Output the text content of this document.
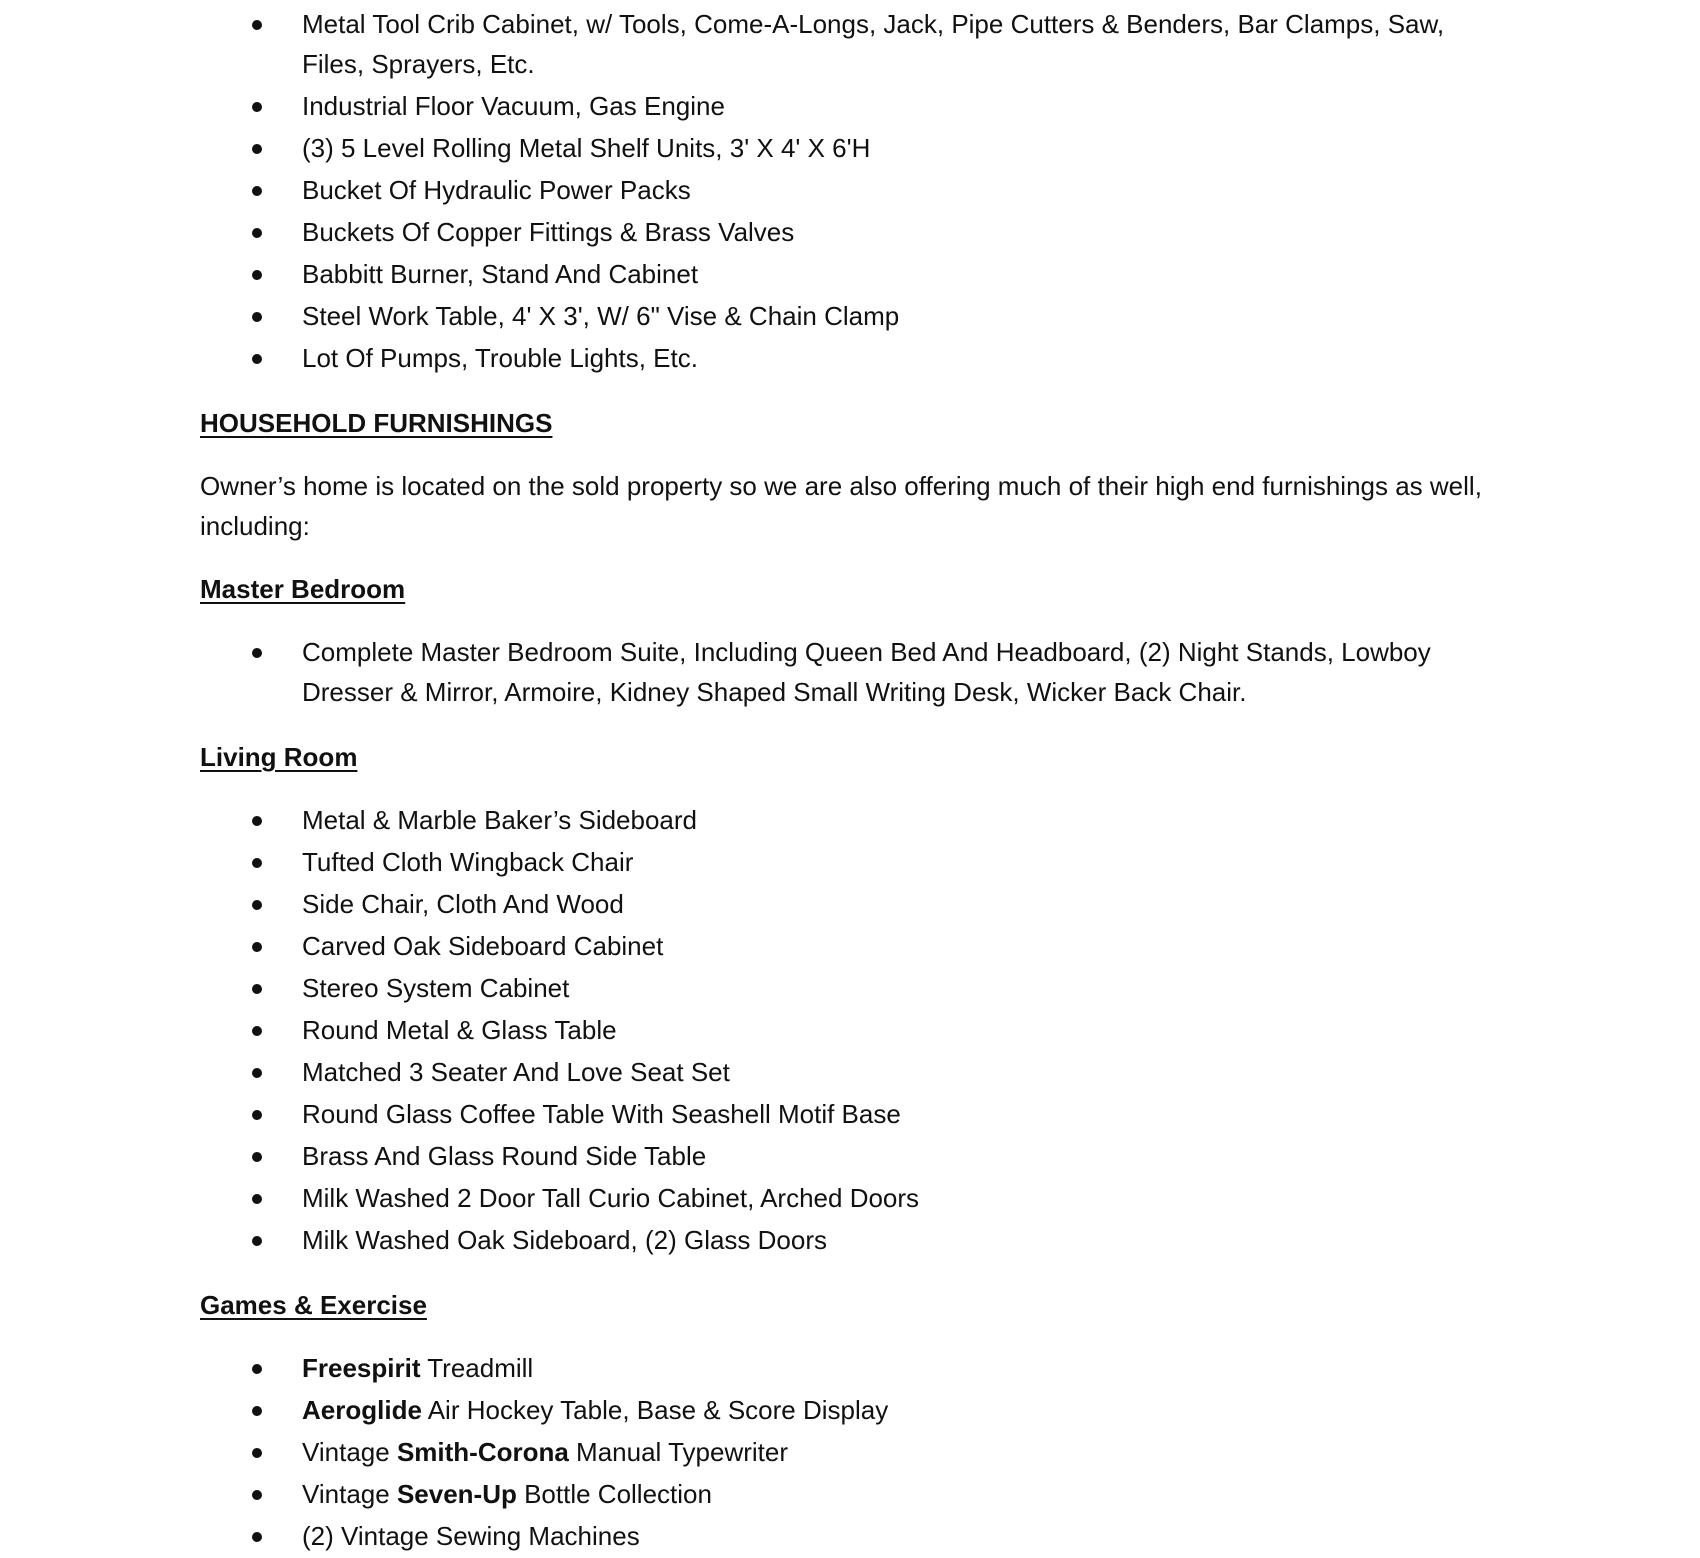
Metal Tool Crib Cabinet, w/ Tools, Come-A-Longs, Jack, Pipe Cutters & Benders, Bar Clamps, Saw, Files, Sprayers, Etc.
Industrial Floor Vacuum, Gas Engine
(3) 5 Level Rolling Metal Shelf Units, 3' X 4' X 6'H
Bucket Of Hydraulic Power Packs
Buckets Of Copper Fittings & Brass Valves
Babbitt Burner, Stand And Cabinet
Steel Work Table, 4' X 3', W/ 6" Vise & Chain Clamp
Lot Of Pumps, Trouble Lights, Etc.
HOUSEHOLD FURNISHINGS

Owner’s home is located on the sold property so we are also offering much of their high end furnishings as well, including:

Master Bedroom
Complete Master Bedroom Suite, Including Queen Bed And Headboard, (2) Night Stands, Lowboy Dresser & Mirror, Armoire, Kidney Shaped Small Writing Desk, Wicker Back Chair.
Living Room
Metal & Marble Baker’s Sideboard
Tufted Cloth Wingback Chair
Side Chair, Cloth And Wood
Carved Oak Sideboard Cabinet
Stereo System Cabinet
Round Metal & Glass Table
Matched 3 Seater And Love Seat Set
Round Glass Coffee Table With Seashell Motif Base
Brass And Glass Round Side Table
Milk Washed 2 Door Tall Curio Cabinet, Arched Doors
Milk Washed Oak Sideboard, (2) Glass Doors
Games & Exercise
Freespirit Treadmill
Aeroglide Air Hockey Table, Base & Score Display
Vintage Smith-Corona Manual Typewriter
Vintage Seven-Up Bottle Collection
(2) Vintage Sewing Machines
